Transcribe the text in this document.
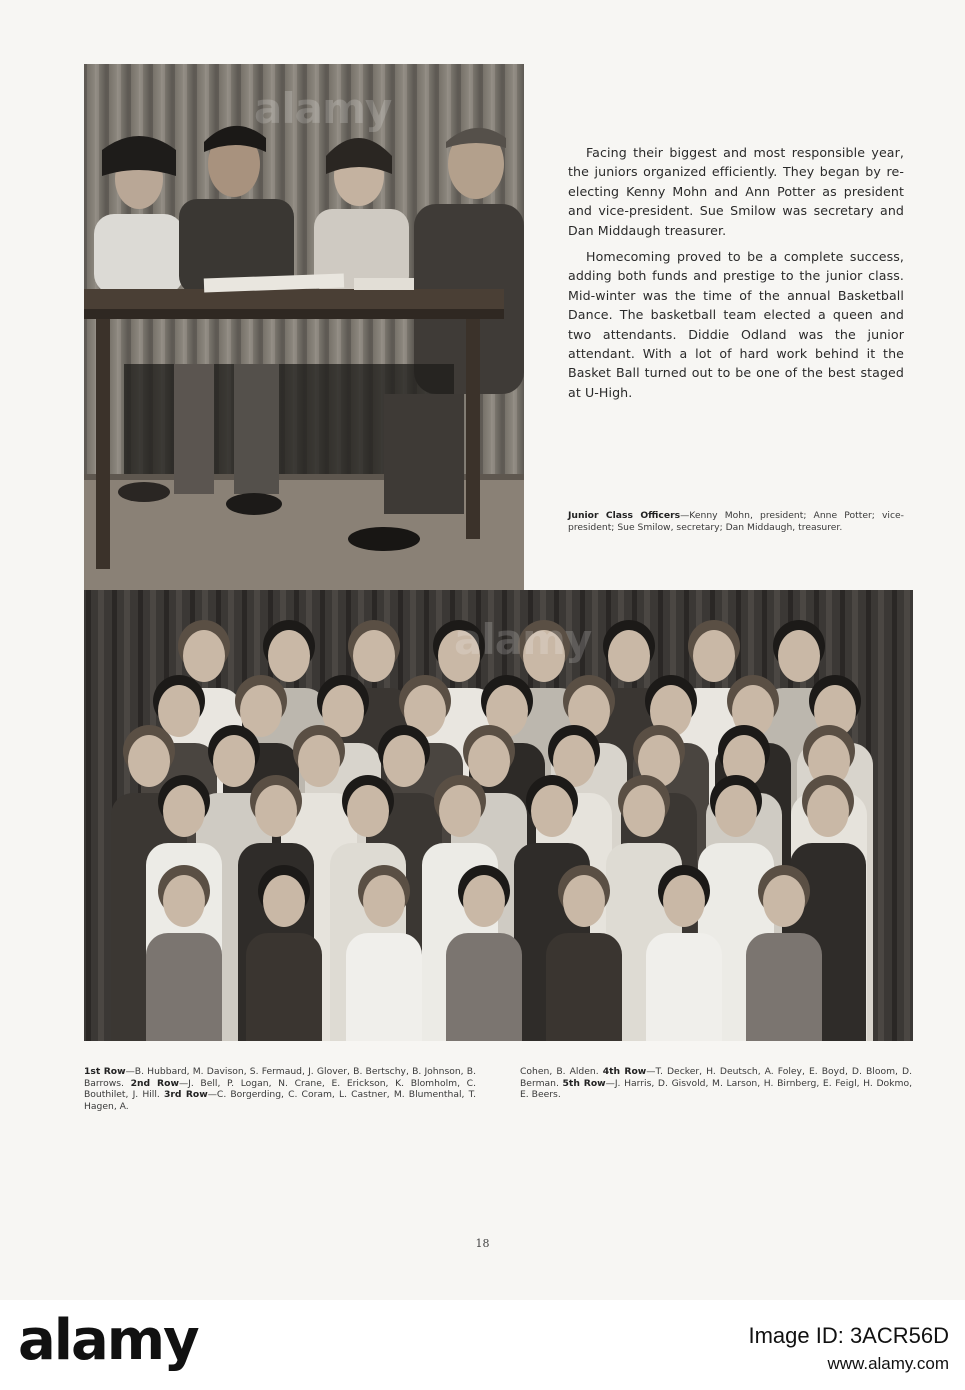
Facing their biggest and most responsible year, the juniors organized efficiently. They began by re-electing Kenny Mohn and Ann Potter as president and vice-president. Sue Smilow was secretary and Dan Middaugh treasurer.

Homecoming proved to be a complete success, adding both funds and prestige to the junior class. Mid-winter was the time of the annual Basketball Dance. The basketball team elected a queen and two attendants. Diddie Odland was the junior attendant. With a lot of hard work behind it the Basket Ball turned out to be one of the best staged at U-High.

Junior Class Officers—Kenny Mohn, president; Anne Potter; vice-president; Sue Smilow, secretary; Dan Middaugh, treasurer.
1st Row—B. Hubbard, M. Davison, S. Fermaud, J. Glover, B. Bertschy, B. Johnson, B. Barrows. 2nd Row—J. Bell, P. Logan, N. Crane, E. Erickson, K. Blomholm, C. Bouthilet, J. Hill. 3rd Row—C. Borgerding, C. Coram, L. Castner, M. Blumenthal, T. Hagen, A.
Cohen, B. Alden. 4th Row—T. Decker, H. Deutsch, A. Foley, E. Boyd, D. Bloom, D. Berman. 5th Row—J. Harris, D. Gisvold, M. Larson, H. Birnberg, E. Feigl, H. Dokmo, E. Beers.
18
alamy	Image ID: 3ACR56D
www.alamy.com
